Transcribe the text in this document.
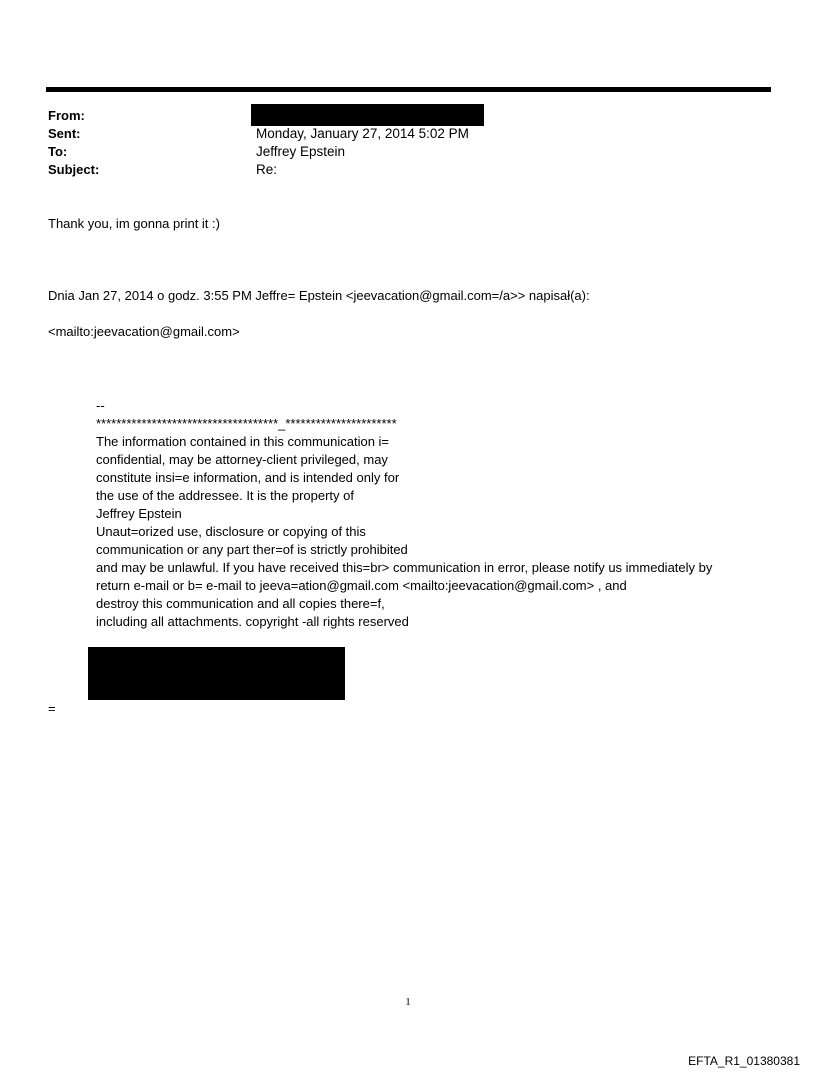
From:
Sent:	Monday, January 27, 2014 5:02 PM
To:	Jeffrey Epstein
Subject:	Re:
Thank you, im gonna print it :)
Dnia Jan 27, 2014 o godz. 3:55 PM Jeffre= Epstein <jeevacation@gmail.com=/a>> napisał(a):
<mailto:jeevacation@gmail.com>
--
************************************_**********************
The information contained in this communication i=
confidential, may be attorney-client privileged, may
constitute insi=e information, and is intended only for
the use of the addressee. It is the property of
Jeffrey Epstein
Unaut=orized use, disclosure or copying of this
communication or any part ther=of is strictly prohibited
and may be unlawful. If you have received this=br> communication in error, please notify us immediately by
return e-mail or b= e-mail to jeeva=ation@gmail.com <mailto:jeevacation@gmail.com> , and
destroy this communication and all copies there=f,
including all attachments. copyright -all rights reserved
=
1
EFTA_R1_01380381
